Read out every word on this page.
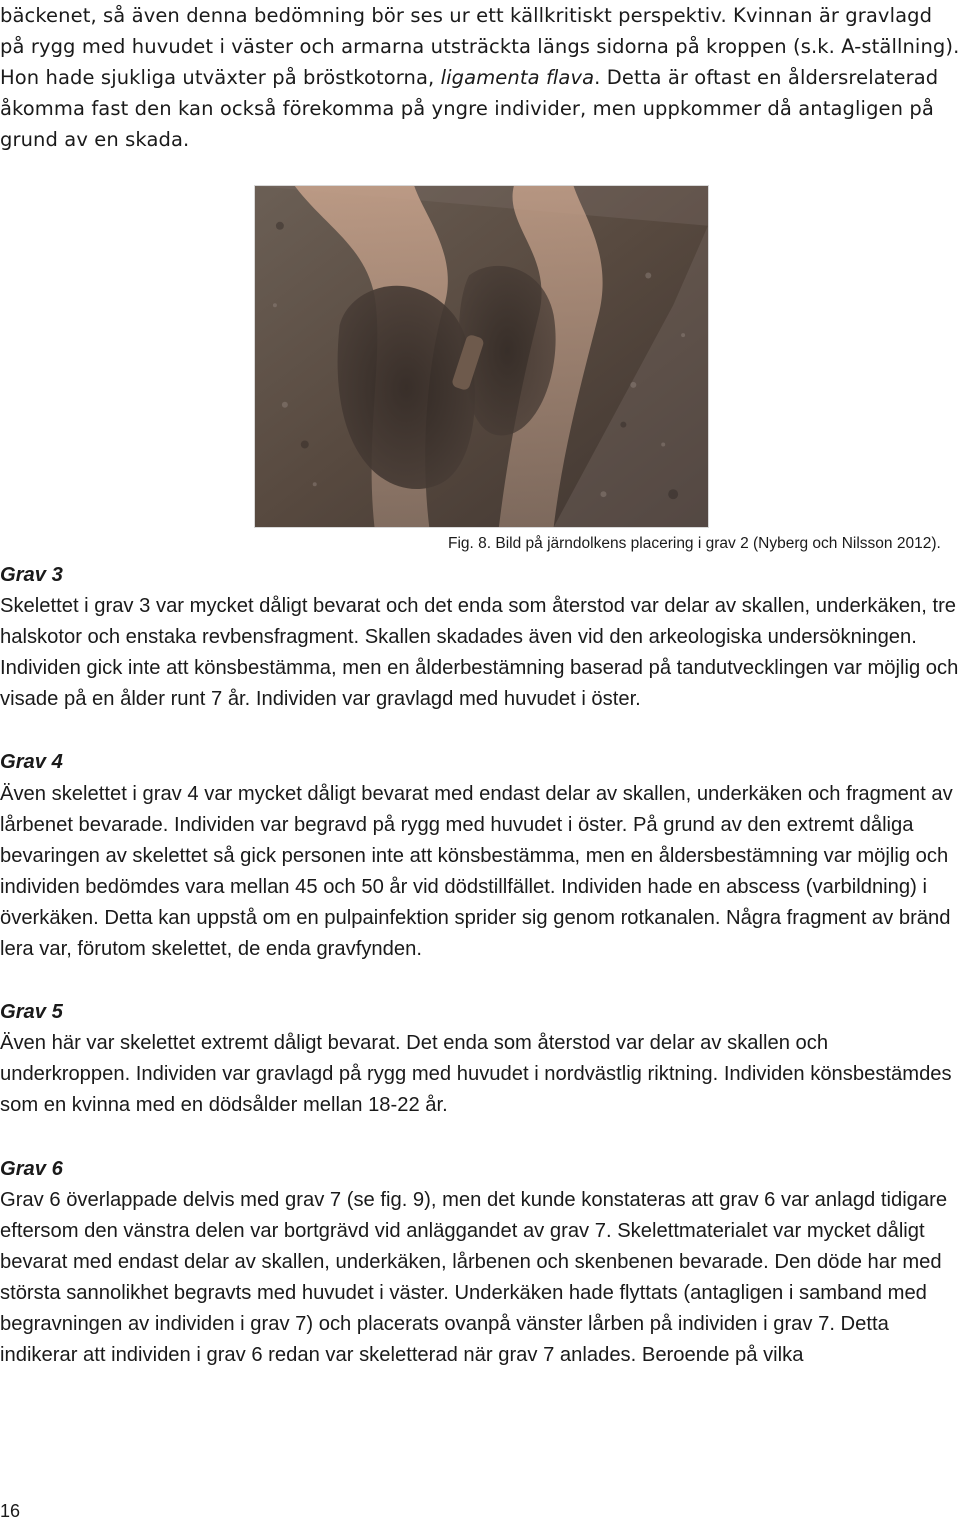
bäckenet, så även denna bedömning bör ses ur ett källkritiskt perspektiv. Kvinnan är gravlagd på rygg med huvudet i väster och armarna utsträckta längs sidorna på kroppen (s.k. A-ställning). Hon hade sjukliga utväxter på bröstkotorna, ligamenta flava. Detta är oftast en åldersrelaterad åkomma fast den kan också förekomma på yngre individer, men uppkommer då antagligen på grund av en skada.

Fig. 8. Bild på järndolkens placering i grav 2 (Nyberg och Nilsson 2012).
Grav 3

Skelettet i grav 3 var mycket dåligt bevarat och det enda som återstod var delar av skallen, underkäken, tre halskotor och enstaka revbensfragment. Skallen skadades även vid den arkeologiska undersökningen. Individen gick inte att könsbestämma, men en ålderbestämning baserad på tandutvecklingen var möjlig och visade på en ålder runt 7 år. Individen var gravlagd med huvudet i öster.

Grav 4

Även skelettet i grav 4 var mycket dåligt bevarat med endast delar av skallen, underkäken och fragment av lårbenet bevarade. Individen var begravd på rygg med huvudet i öster. På grund av den extremt dåliga bevaringen av skelettet så gick personen inte att könsbestämma, men en åldersbestämning var möjlig och individen bedömdes vara mellan 45 och 50 år vid dödstillfället. Individen hade en abscess (varbildning) i överkäken. Detta kan uppstå om en pulpainfektion sprider sig genom rotkanalen. Några fragment av bränd lera var, förutom skelettet, de enda gravfynden.

Grav 5

Även här var skelettet extremt dåligt bevarat. Det enda som återstod var delar av skallen och underkroppen. Individen var gravlagd på rygg med huvudet i nordvästlig riktning. Individen könsbestämdes som en kvinna med en dödsålder mellan 18-22 år.

Grav 6

Grav 6 överlappade delvis med grav 7 (se fig. 9), men det kunde konstateras att grav 6 var anlagd tidigare eftersom den vänstra delen var bortgrävd vid anläggandet av grav 7. Skelettmaterialet var mycket dåligt bevarat med endast delar av skallen, underkäken, lårbenen och skenbenen bevarade. Den döde har med största sannolikhet begravts med huvudet i väster. Underkäken hade flyttats (antagligen i samband med begravningen av individen i grav 7) och placerats ovanpå vänster lårben på individen i grav 7. Detta indikerar att individen i grav 6 redan var skeletterad när grav 7 anlades. Beroende på vilka

16
